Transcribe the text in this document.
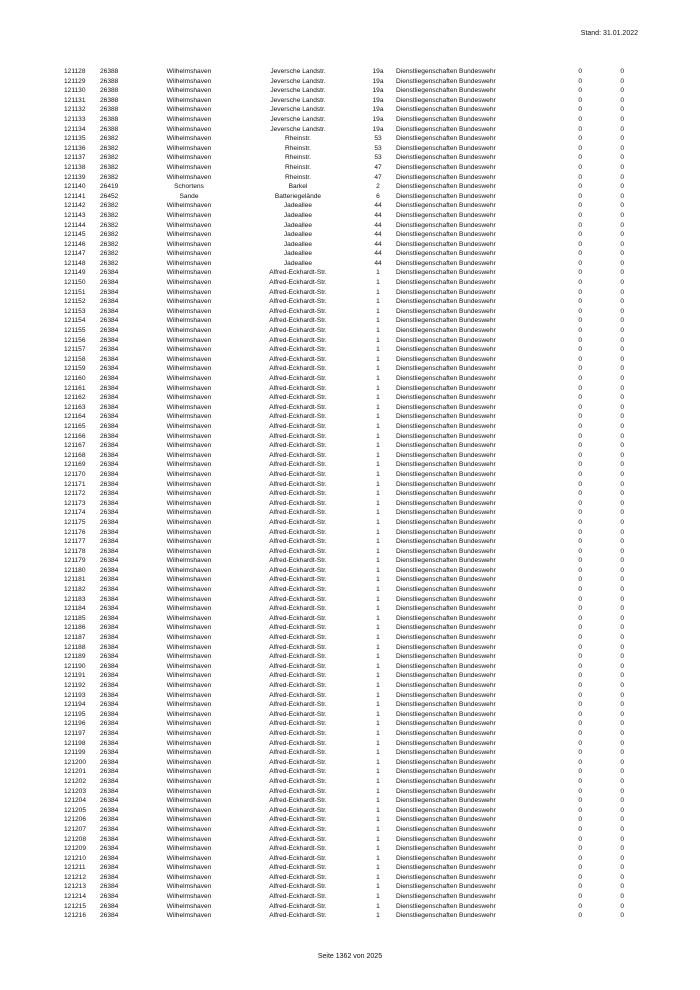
Stand: 31.01.2022
121128	26388	Wilhelmshaven	Jeversche Landstr.	19a	Dienstliegenschaften Bundeswehr	0	0
121129	26388	Wilhelmshaven	Jeversche Landstr.	19a	Dienstliegenschaften Bundeswehr	0	0
121130	26388	Wilhelmshaven	Jeversche Landstr.	19a	Dienstliegenschaften Bundeswehr	0	0
121131	26388	Wilhelmshaven	Jeversche Landstr.	19a	Dienstliegenschaften Bundeswehr	0	0
121132	26388	Wilhelmshaven	Jeversche Landstr.	19a	Dienstliegenschaften Bundeswehr	0	0
121133	26388	Wilhelmshaven	Jeversche Landstr.	19a	Dienstliegenschaften Bundeswehr	0	0
121134	26388	Wilhelmshaven	Jeversche Landstr.	19a	Dienstliegenschaften Bundeswehr	0	0
121135	26382	Wilhelmshaven	Rheinstr.	53	Dienstliegenschaften Bundeswehr	0	0
121136	26382	Wilhelmshaven	Rheinstr.	53	Dienstliegenschaften Bundeswehr	0	0
121137	26382	Wilhelmshaven	Rheinstr.	53	Dienstliegenschaften Bundeswehr	0	0
121138	26382	Wilhelmshaven	Rheinstr.	47	Dienstliegenschaften Bundeswehr	0	0
121139	26382	Wilhelmshaven	Rheinstr.	47	Dienstliegenschaften Bundeswehr	0	0
121140	26419	Schortens	Barkel	2	Dienstliegenschaften Bundeswehr	0	0
121141	26452	Sande	Batteriegelände	6	Dienstliegenschaften Bundeswehr	0	0
121142	26382	Wilhelmshaven	Jadeallee	44	Dienstliegenschaften Bundeswehr	0	0
121143	26382	Wilhelmshaven	Jadeallee	44	Dienstliegenschaften Bundeswehr	0	0
121144	26382	Wilhelmshaven	Jadeallee	44	Dienstliegenschaften Bundeswehr	0	0
121145	26382	Wilhelmshaven	Jadeallee	44	Dienstliegenschaften Bundeswehr	0	0
121146	26382	Wilhelmshaven	Jadeallee	44	Dienstliegenschaften Bundeswehr	0	0
121147	26382	Wilhelmshaven	Jadeallee	44	Dienstliegenschaften Bundeswehr	0	0
121148	26382	Wilhelmshaven	Jadeallee	44	Dienstliegenschaften Bundeswehr	0	0
121149	26384	Wilhelmshaven	Alfred-Eckhardt-Str.	1	Dienstliegenschaften Bundeswehr	0	0
121150	26384	Wilhelmshaven	Alfred-Eckhardt-Str.	1	Dienstliegenschaften Bundeswehr	0	0
121151	26384	Wilhelmshaven	Alfred-Eckhardt-Str.	1	Dienstliegenschaften Bundeswehr	0	0
121152	26384	Wilhelmshaven	Alfred-Eckhardt-Str.	1	Dienstliegenschaften Bundeswehr	0	0
121153	26384	Wilhelmshaven	Alfred-Eckhardt-Str.	1	Dienstliegenschaften Bundeswehr	0	0
121154	26384	Wilhelmshaven	Alfred-Eckhardt-Str.	1	Dienstliegenschaften Bundeswehr	0	0
121155	26384	Wilhelmshaven	Alfred-Eckhardt-Str.	1	Dienstliegenschaften Bundeswehr	0	0
121156	26384	Wilhelmshaven	Alfred-Eckhardt-Str.	1	Dienstliegenschaften Bundeswehr	0	0
121157	26384	Wilhelmshaven	Alfred-Eckhardt-Str.	1	Dienstliegenschaften Bundeswehr	0	0
121158	26384	Wilhelmshaven	Alfred-Eckhardt-Str.	1	Dienstliegenschaften Bundeswehr	0	0
121159	26384	Wilhelmshaven	Alfred-Eckhardt-Str.	1	Dienstliegenschaften Bundeswehr	0	0
121160	26384	Wilhelmshaven	Alfred-Eckhardt-Str.	1	Dienstliegenschaften Bundeswehr	0	0
121161	26384	Wilhelmshaven	Alfred-Eckhardt-Str.	1	Dienstliegenschaften Bundeswehr	0	0
121162	26384	Wilhelmshaven	Alfred-Eckhardt-Str.	1	Dienstliegenschaften Bundeswehr	0	0
121163	26384	Wilhelmshaven	Alfred-Eckhardt-Str.	1	Dienstliegenschaften Bundeswehr	0	0
121164	26384	Wilhelmshaven	Alfred-Eckhardt-Str.	1	Dienstliegenschaften Bundeswehr	0	0
121165	26384	Wilhelmshaven	Alfred-Eckhardt-Str.	1	Dienstliegenschaften Bundeswehr	0	0
121166	26384	Wilhelmshaven	Alfred-Eckhardt-Str.	1	Dienstliegenschaften Bundeswehr	0	0
121167	26384	Wilhelmshaven	Alfred-Eckhardt-Str.	1	Dienstliegenschaften Bundeswehr	0	0
121168	26384	Wilhelmshaven	Alfred-Eckhardt-Str.	1	Dienstliegenschaften Bundeswehr	0	0
121169	26384	Wilhelmshaven	Alfred-Eckhardt-Str.	1	Dienstliegenschaften Bundeswehr	0	0
121170	26384	Wilhelmshaven	Alfred-Eckhardt-Str.	1	Dienstliegenschaften Bundeswehr	0	0
121171	26384	Wilhelmshaven	Alfred-Eckhardt-Str.	1	Dienstliegenschaften Bundeswehr	0	0
121172	26384	Wilhelmshaven	Alfred-Eckhardt-Str.	1	Dienstliegenschaften Bundeswehr	0	0
121173	26384	Wilhelmshaven	Alfred-Eckhardt-Str.	1	Dienstliegenschaften Bundeswehr	0	0
121174	26384	Wilhelmshaven	Alfred-Eckhardt-Str.	1	Dienstliegenschaften Bundeswehr	0	0
121175	26384	Wilhelmshaven	Alfred-Eckhardt-Str.	1	Dienstliegenschaften Bundeswehr	0	0
121176	26384	Wilhelmshaven	Alfred-Eckhardt-Str.	1	Dienstliegenschaften Bundeswehr	0	0
121177	26384	Wilhelmshaven	Alfred-Eckhardt-Str.	1	Dienstliegenschaften Bundeswehr	0	0
121178	26384	Wilhelmshaven	Alfred-Eckhardt-Str.	1	Dienstliegenschaften Bundeswehr	0	0
121179	26384	Wilhelmshaven	Alfred-Eckhardt-Str.	1	Dienstliegenschaften Bundeswehr	0	0
121180	26384	Wilhelmshaven	Alfred-Eckhardt-Str.	1	Dienstliegenschaften Bundeswehr	0	0
121181	26384	Wilhelmshaven	Alfred-Eckhardt-Str.	1	Dienstliegenschaften Bundeswehr	0	0
121182	26384	Wilhelmshaven	Alfred-Eckhardt-Str.	1	Dienstliegenschaften Bundeswehr	0	0
121183	26384	Wilhelmshaven	Alfred-Eckhardt-Str.	1	Dienstliegenschaften Bundeswehr	0	0
121184	26384	Wilhelmshaven	Alfred-Eckhardt-Str.	1	Dienstliegenschaften Bundeswehr	0	0
121185	26384	Wilhelmshaven	Alfred-Eckhardt-Str.	1	Dienstliegenschaften Bundeswehr	0	0
121186	26384	Wilhelmshaven	Alfred-Eckhardt-Str.	1	Dienstliegenschaften Bundeswehr	0	0
121187	26384	Wilhelmshaven	Alfred-Eckhardt-Str.	1	Dienstliegenschaften Bundeswehr	0	0
121188	26384	Wilhelmshaven	Alfred-Eckhardt-Str.	1	Dienstliegenschaften Bundeswehr	0	0
121189	26384	Wilhelmshaven	Alfred-Eckhardt-Str.	1	Dienstliegenschaften Bundeswehr	0	0
121190	26384	Wilhelmshaven	Alfred-Eckhardt-Str.	1	Dienstliegenschaften Bundeswehr	0	0
121191	26384	Wilhelmshaven	Alfred-Eckhardt-Str.	1	Dienstliegenschaften Bundeswehr	0	0
121192	26384	Wilhelmshaven	Alfred-Eckhardt-Str.	1	Dienstliegenschaften Bundeswehr	0	0
121193	26384	Wilhelmshaven	Alfred-Eckhardt-Str.	1	Dienstliegenschaften Bundeswehr	0	0
121194	26384	Wilhelmshaven	Alfred-Eckhardt-Str.	1	Dienstliegenschaften Bundeswehr	0	0
121195	26384	Wilhelmshaven	Alfred-Eckhardt-Str.	1	Dienstliegenschaften Bundeswehr	0	0
121196	26384	Wilhelmshaven	Alfred-Eckhardt-Str.	1	Dienstliegenschaften Bundeswehr	0	0
121197	26384	Wilhelmshaven	Alfred-Eckhardt-Str.	1	Dienstliegenschaften Bundeswehr	0	0
121198	26384	Wilhelmshaven	Alfred-Eckhardt-Str.	1	Dienstliegenschaften Bundeswehr	0	0
121199	26384	Wilhelmshaven	Alfred-Eckhardt-Str.	1	Dienstliegenschaften Bundeswehr	0	0
121200	26384	Wilhelmshaven	Alfred-Eckhardt-Str.	1	Dienstliegenschaften Bundeswehr	0	0
121201	26384	Wilhelmshaven	Alfred-Eckhardt-Str.	1	Dienstliegenschaften Bundeswehr	0	0
121202	26384	Wilhelmshaven	Alfred-Eckhardt-Str.	1	Dienstliegenschaften Bundeswehr	0	0
121203	26384	Wilhelmshaven	Alfred-Eckhardt-Str.	1	Dienstliegenschaften Bundeswehr	0	0
121204	26384	Wilhelmshaven	Alfred-Eckhardt-Str.	1	Dienstliegenschaften Bundeswehr	0	0
121205	26384	Wilhelmshaven	Alfred-Eckhardt-Str.	1	Dienstliegenschaften Bundeswehr	0	0
121206	26384	Wilhelmshaven	Alfred-Eckhardt-Str.	1	Dienstliegenschaften Bundeswehr	0	0
121207	26384	Wilhelmshaven	Alfred-Eckhardt-Str.	1	Dienstliegenschaften Bundeswehr	0	0
121208	26384	Wilhelmshaven	Alfred-Eckhardt-Str.	1	Dienstliegenschaften Bundeswehr	0	0
121209	26384	Wilhelmshaven	Alfred-Eckhardt-Str.	1	Dienstliegenschaften Bundeswehr	0	0
121210	26384	Wilhelmshaven	Alfred-Eckhardt-Str.	1	Dienstliegenschaften Bundeswehr	0	0
121211	26384	Wilhelmshaven	Alfred-Eckhardt-Str.	1	Dienstliegenschaften Bundeswehr	0	0
121212	26384	Wilhelmshaven	Alfred-Eckhardt-Str.	1	Dienstliegenschaften Bundeswehr	0	0
121213	26384	Wilhelmshaven	Alfred-Eckhardt-Str.	1	Dienstliegenschaften Bundeswehr	0	0
121214	26384	Wilhelmshaven	Alfred-Eckhardt-Str.	1	Dienstliegenschaften Bundeswehr	0	0
121215	26384	Wilhelmshaven	Alfred-Eckhardt-Str.	1	Dienstliegenschaften Bundeswehr	0	0
121216	26384	Wilhelmshaven	Alfred-Eckhardt-Str.	1	Dienstliegenschaften Bundeswehr	0	0
Seite 1362 von 2025
